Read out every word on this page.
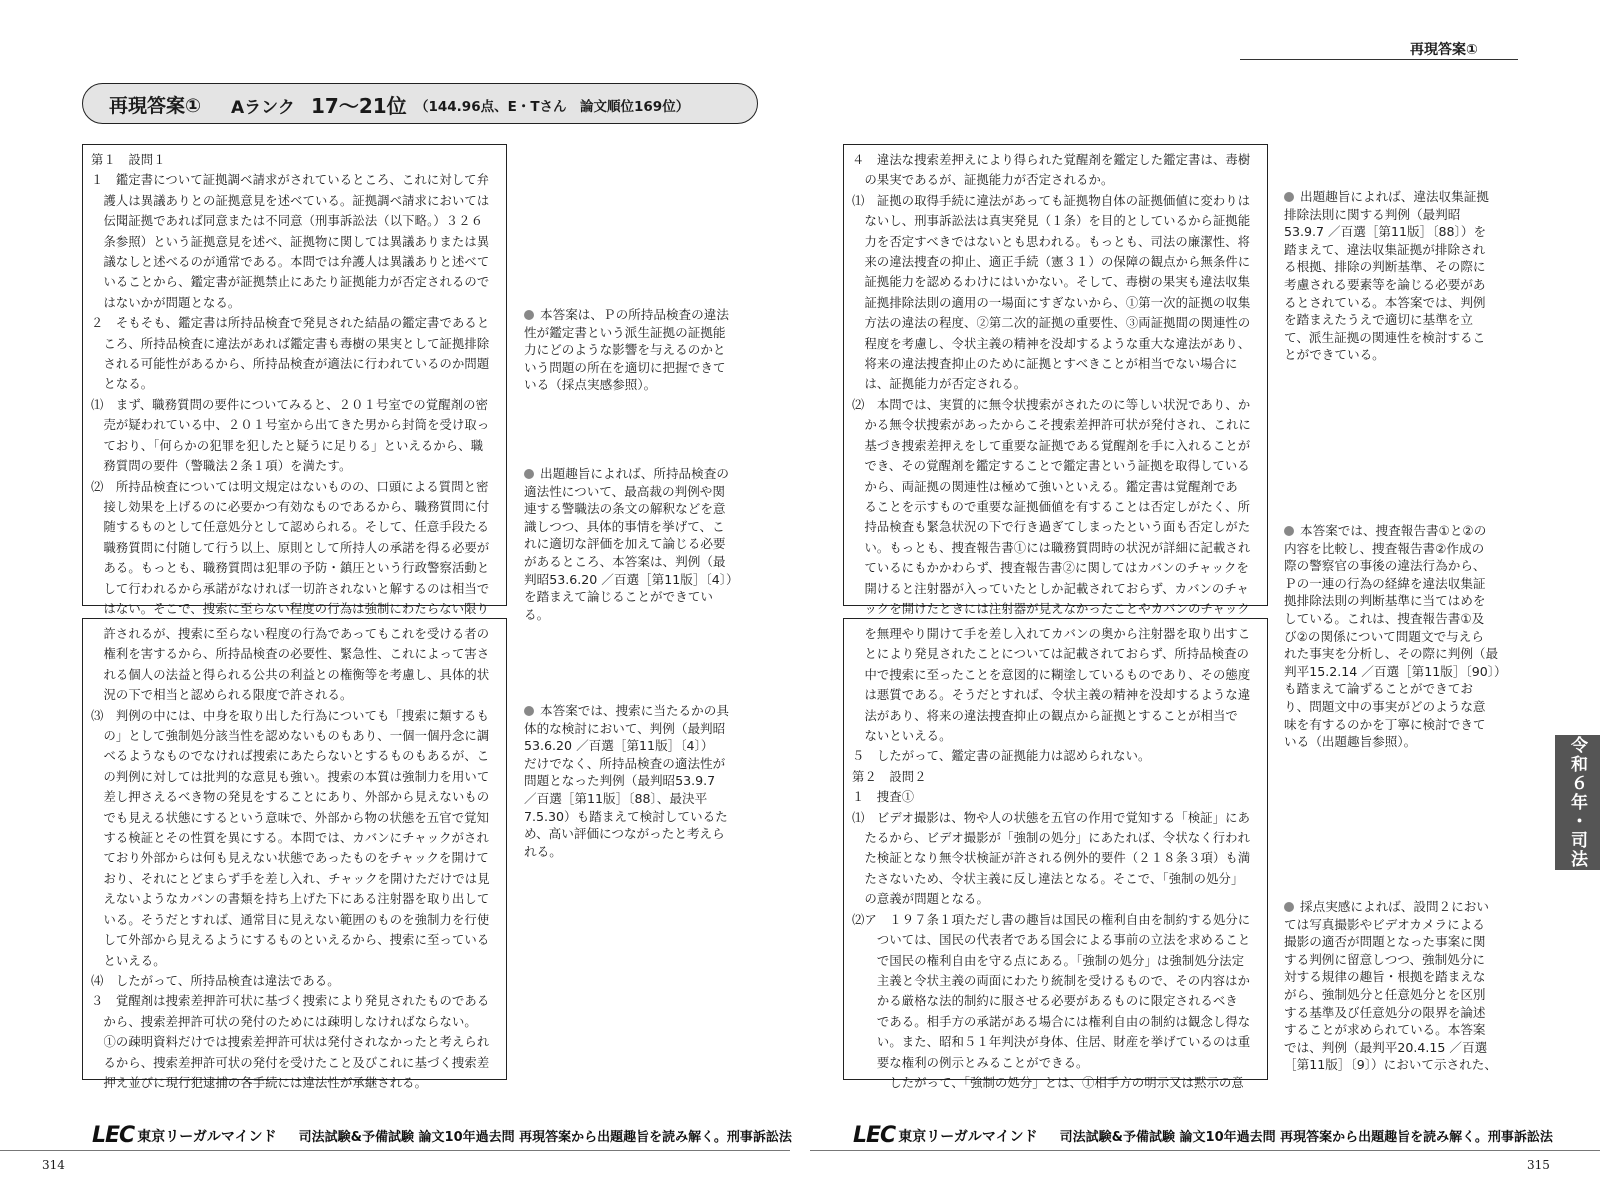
再現答案①
再現答案① Aランク 17〜21位 （144.96点、E・Tさん　論文順位169位）
第１　設問１
１　鑑定書について証拠調べ請求がされているところ、これに対して弁
　護人は異議ありとの証拠意見を述べている。証拠調べ請求においては
　伝聞証拠であれば同意または不同意（刑事訴訟法（以下略。）３２６
　条参照）という証拠意見を述べ、証拠物に関しては異議ありまたは異
　議なしと述べるのが通常である。本問では弁護人は異議ありと述べて
　いることから、鑑定書が証拠禁止にあたり証拠能力が否定されるので
　はないかが問題となる。
２　そもそも、鑑定書は所持品検査で発見された結晶の鑑定書であると
　ころ、所持品検査に違法があれば鑑定書も毒樹の果実として証拠排除
　される可能性があるから、所持品検査が適法に行われているのか問題
　となる。
⑴　まず、職務質問の要件についてみると、２０１号室での覚醒剤の密
　売が疑われている中、２０１号室から出てきた男から封筒を受け取っ
　ており、「何らかの犯罪を犯したと疑うに足りる」といえるから、職
　務質問の要件（警職法２条１項）を満たす。
⑵　所持品検査については明文規定はないものの、口頭による質問と密
　接し効果を上げるのに必要かつ有効なものであるから、職務質問に付
　随するものとして任意処分として認められる。そして、任意手段たる
　職務質問に付随して行う以上、原則として所持人の承諾を得る必要が
　ある。もっとも、職務質問は犯罪の予防・鎮圧という行政警察活動と
　して行われるから承諾がなければ一切許されないと解するのは相当で
　はない。そこで、捜索に至らない程度の行為は強制にわたらない限り
　許されるが、捜索に至らない程度の行為であってもこれを受ける者の
　権利を害するから、所持品検査の必要性、緊急性、これによって害さ
　れる個人の法益と得られる公共の利益との権衡等を考慮し、具体的状
　況の下で相当と認められる限度で許される。
⑶　判例の中には、中身を取り出した行為についても「捜索に類するも
　の」として強制処分該当性を認めないものもあり、一個一個丹念に調
　べるようなものでなければ捜索にあたらないとするものもあるが、こ
　の判例に対しては批判的な意見も強い。捜索の本質は強制力を用いて
　差し押さえるべき物の発見をすることにあり、外部から見えないもの
　でも見える状態にするという意味で、外部から物の状態を五官で覚知
　する検証とその性質を異にする。本問では、カバンにチャックがされ
　ており外部からは何も見えない状態であったものをチャックを開けて
　おり、それにとどまらず手を差し入れ、チャックを開けただけでは見
　えないようなカバンの書類を持ち上げた下にある注射器を取り出して
　いる。そうだとすれば、通常目に見えない範囲のものを強制力を行使
　して外部から見えるようにするものといえるから、捜索に至っている
　といえる。
⑷　したがって、所持品検査は違法である。
３　覚醒剤は捜索差押許可状に基づく捜索により発見されたものである
　から、捜索差押許可状の発付のためには疎明しなければならない。
　①の疎明資料だけでは捜索差押許可状は発付されなかったと考えられ
　るから、捜索差押許可状の発付を受けたこと及びこれに基づく捜索差
　押え並びに現行犯逮捕の各手続には違法性が承継される。
４　違法な捜索差押えにより得られた覚醒剤を鑑定した鑑定書は、毒樹
　の果実であるが、証拠能力が否定されるか。
⑴　証拠の取得手続に違法があっても証拠物自体の証拠価値に変わりは
　ないし、刑事訴訟法は真実発見（１条）を目的としているから証拠能
　力を否定すべきではないとも思われる。もっとも、司法の廉潔性、将
　来の違法捜査の抑止、適正手続（憲３１）の保障の観点から無条件に
　証拠能力を認めるわけにはいかない。そして、毒樹の果実も違法収集
　証拠排除法則の適用の一場面にすぎないから、①第一次的証拠の収集
　方法の違法の程度、②第二次的証拠の重要性、③両証拠間の関連性の
　程度を考慮し、令状主義の精神を没却するような重大な違法があり、
　将来の違法捜査抑止のために証拠とすべきことが相当でない場合に
　は、証拠能力が否定される。
⑵　本問では、実質的に無令状捜索がされたのに等しい状況であり、か
　かる無令状捜索があったからこそ捜索差押許可状が発付され、これに
　基づき捜索差押えをして重要な証拠である覚醒剤を手に入れることが
　でき、その覚醒剤を鑑定することで鑑定書という証拠を取得している
　から、両証拠の関連性は極めて強いといえる。鑑定書は覚醒剤であ
　ることを示すもので重要な証拠価値を有することは否定しがたく、所
　持品検査も緊急状況の下で行き過ぎてしまったという面も否定しがた
　い。もっとも、捜査報告書①には職務質問時の状況が詳細に記載され
　ているにもかかわらず、捜査報告書②に関してはカバンのチャックを
　開けると注射器が入っていたとしか記載されておらず、カバンのチャ
　ックを開けたときには注射器が見えなかったことやカバンのチャック
　を無理やり開けて手を差し入れてカバンの奥から注射器を取り出すこ
　とにより発見されたことについては記載されておらず、所持品検査の
　中で捜索に至ったことを意図的に糊塗しているものであり、その態度
　は悪質である。そうだとすれば、令状主義の精神を没却するような違
　法があり、将来の違法捜査抑止の観点から証拠とすることが相当で
　ないといえる。
５　したがって、鑑定書の証拠能力は認められない。
第２　設問２
１　捜査①
⑴　ビデオ撮影は、物や人の状態を五官の作用で覚知する「検証」にあ
　たるから、ビデオ撮影が「強制の処分」にあたれば、令状なく行われ
　た検証となり無令状検証が許される例外的要件（２１８条３項）も満
　たさないため、令状主義に反し違法となる。そこで、「強制の処分」
　の意義が問題となる。
⑵ア　１９７条１項ただし書の趣旨は国民の権利自由を制約する処分に
　　ついては、国民の代表者である国会による事前の立法を求めること
　　で国民の権利自由を守る点にある。「強制の処分」は強制処分法定
　　主義と令状主義の両面にわたり統制を受けるもので、その内容はか
　　かる厳格な法的制約に服させる必要があるものに限定されるべき
　　である。相手方の承諾がある場合には権利自由の制約は観念し得な
　　い。また、昭和５１年判決が身体、住居、財産を挙げているのは重
　　要な権利の例示とみることができる。
　　　したがって、「強制の処分」とは、①相手方の明示又は黙示の意
本答案は、Ｐの所持品検査の違法
性が鑑定書という派生証拠の証拠能
力にどのような影響を与えるのかと
いう問題の所在を適切に把握できて
いる（採点実感参照）。
出題趣旨によれば、所持品検査の
適法性について、最高裁の判例や関
連する警職法の条文の解釈などを意
識しつつ、具体的事情を挙げて、こ
れに適切な評価を加えて論じる必要
があるところ、本答案は、判例（最
判昭53.6.20 ／百選［第11版］〔4〕）
を踏まえて論じることができてい
る。
本答案では、捜索に当たるかの具
体的な検討において、判例（最判昭
53.6.20 ／百選［第11版］〔4〕）
だけでなく、所持品検査の適法性が
問題となった判例（最判昭53.9.7
／百選［第11版］〔88〕、最決平
7.5.30）も踏まえて検討しているた
め、高い評価につながったと考えら
れる。
出題趣旨によれば、違法収集証拠
排除法則に関する判例（最判昭
53.9.7 ／百選［第11版］〔88〕）を
踏まえて、違法収集証拠が排除され
る根拠、排除の判断基準、その際に
考慮される要素等を論じる必要があ
るとされている。本答案では、判例
を踏まえたうえで適切に基準を立
て、派生証拠の関連性を検討するこ
とができている。
本答案では、捜査報告書①と②の
内容を比較し、捜査報告書②作成の
際の警察官の事後の違法行為から、
Ｐの一連の行為の経緯を違法収集証
拠排除法則の判断基準に当てはめを
している。これは、捜査報告書①及
び②の関係について問題文で与えら
れた事実を分析し、その際に判例（最
判平15.2.14 ／百選［第11版］〔90〕）
も踏まえて論ずることができてお
り、問題文中の事実がどのような意
味を有するのかを丁寧に検討できて
いる（出題趣旨参照）。
採点実感によれば、設問２におい
ては写真撮影やビデオカメラによる
撮影の適否が問題となった事案に関
する判例に留意しつつ、強制処分に
対する規律の趣旨・根拠を踏まえな
がら、強制処分と任意処分とを区別
する基準及び任意処分の限界を論述
することが求められている。本答案
では、判例（最判平20.4.15 ／百選
［第11版］〔9〕）において示された、
令和６年・司法
LEC 東京リーガルマインド 司法試験&予備試験 論文10年過去問 再現答案から出題趣旨を読み解く。刑事訴訟法
314
LEC 東京リーガルマインド 司法試験&予備試験 論文10年過去問 再現答案から出題趣旨を読み解く。刑事訴訟法
315
